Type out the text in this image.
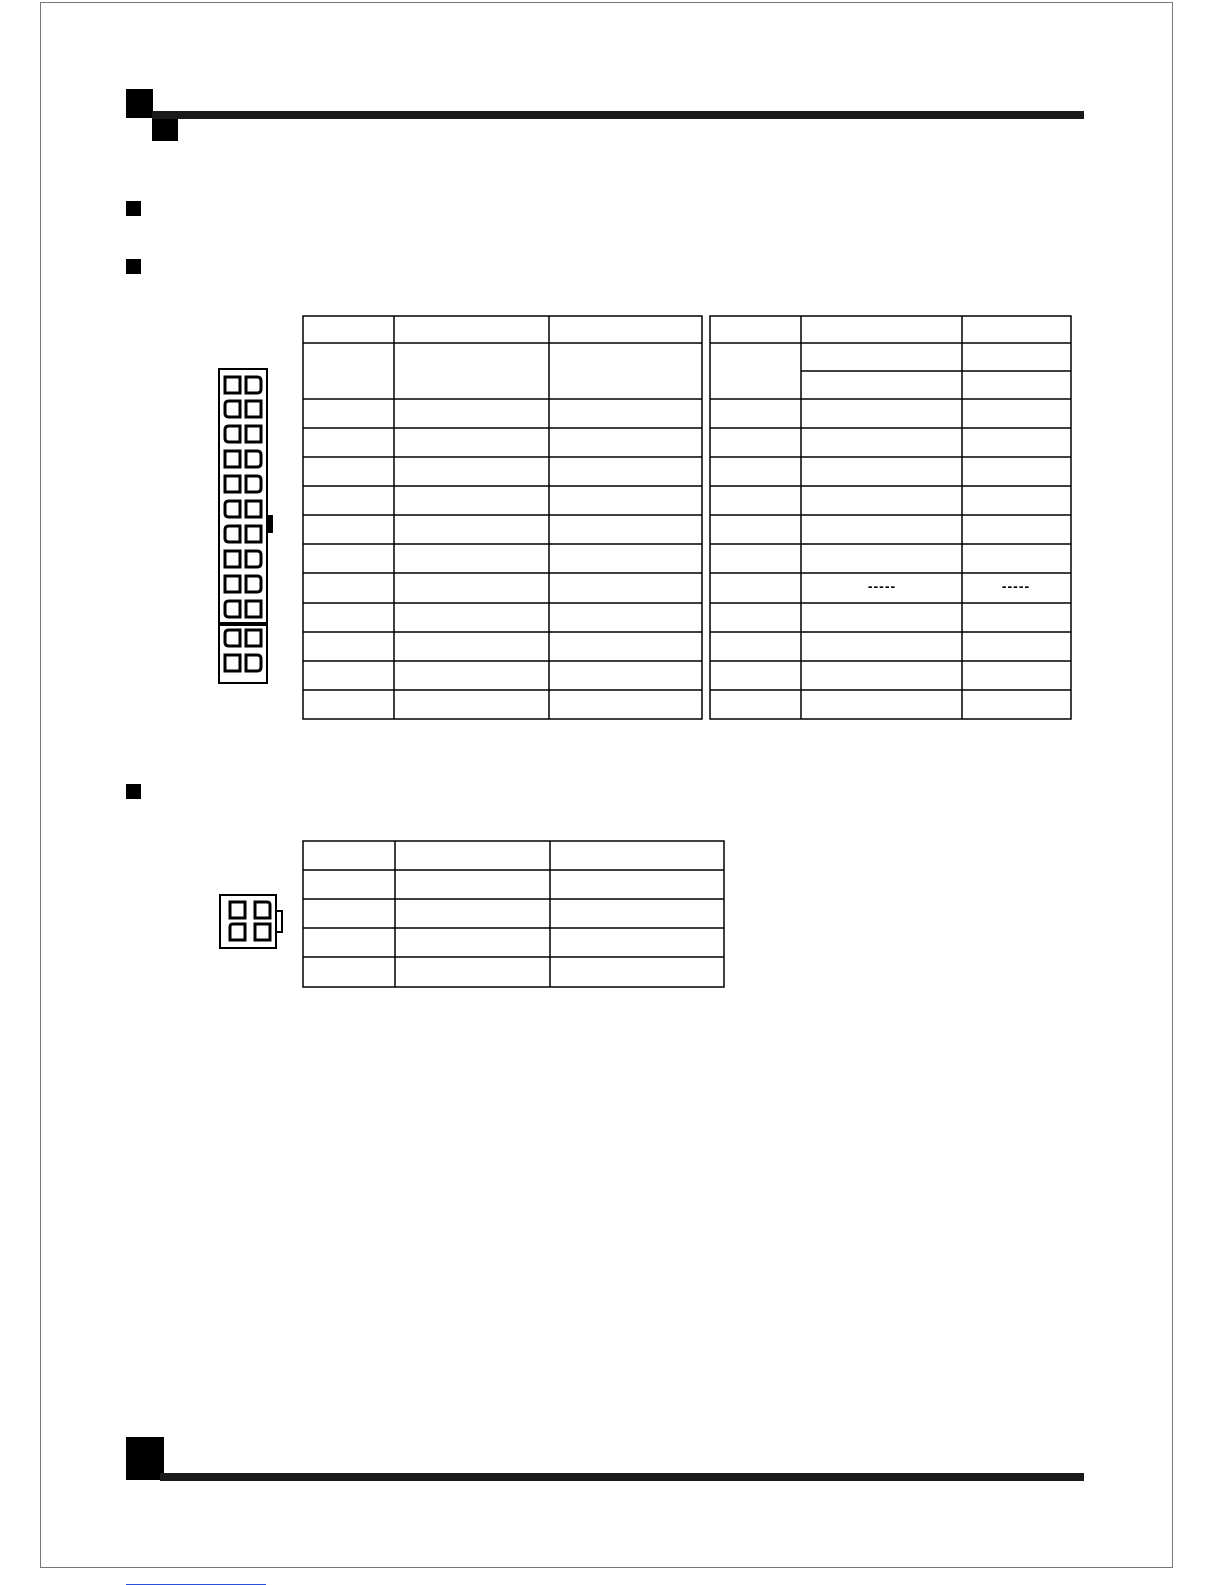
-----	-----
